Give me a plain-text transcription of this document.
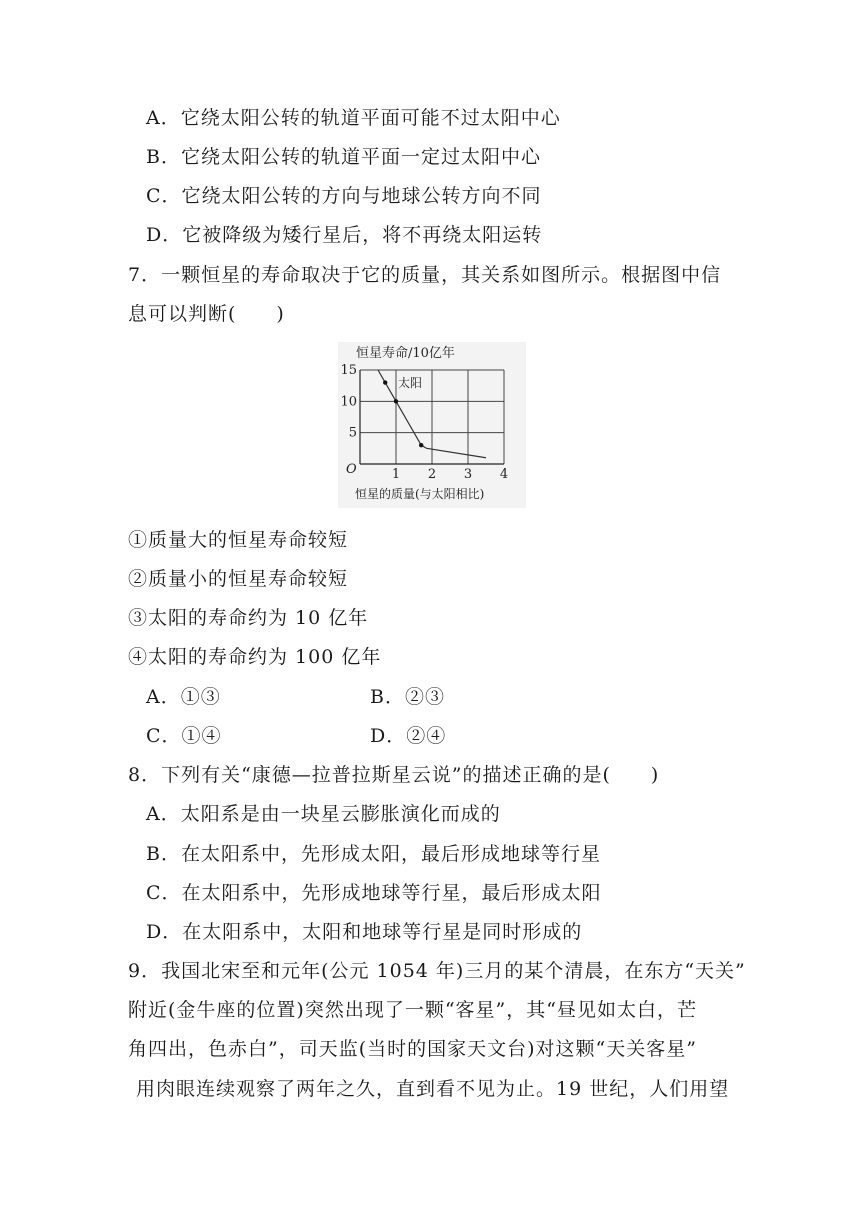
A．它绕太阳公转的轨道平面可能不过太阳中心
B．它绕太阳公转的轨道平面一定过太阳中心
C．它绕太阳公转的方向与地球公转方向不同
D．它被降级为矮行星后，将不再绕太阳运转
7．一颗恒星的寿命取决于它的质量，其关系如图所示。根据图中信
息可以判断(　　)
恒星寿命/10亿年
太阳
O	1 2 3 4
5
10
15
恒星的质量(与太阳相比)
①质量大的恒星寿命较短
②质量小的恒星寿命较短
③太阳的寿命约为 10 亿年
④太阳的寿命约为 100 亿年
A．①③	B．②③
C．①④	D．②④
8．下列有关“康德—拉普拉斯星云说”的描述正确的是(　　)
A．太阳系是由一块星云膨胀演化而成的
B．在太阳系中，先形成太阳，最后形成地球等行星
C．在太阳系中，先形成地球等行星，最后形成太阳
D．在太阳系中，太阳和地球等行星是同时形成的
9．我国北宋至和元年(公元 1054 年)三月的某个清晨，在东方“天关”
附近(金牛座的位置)突然出现了一颗“客星”，其“昼见如太白，芒
角四出，色赤白”，司天监(当时的国家天文台)对这颗“天关客星”
用肉眼连续观察了两年之久，直到看不见为止。19 世纪，人们用望
